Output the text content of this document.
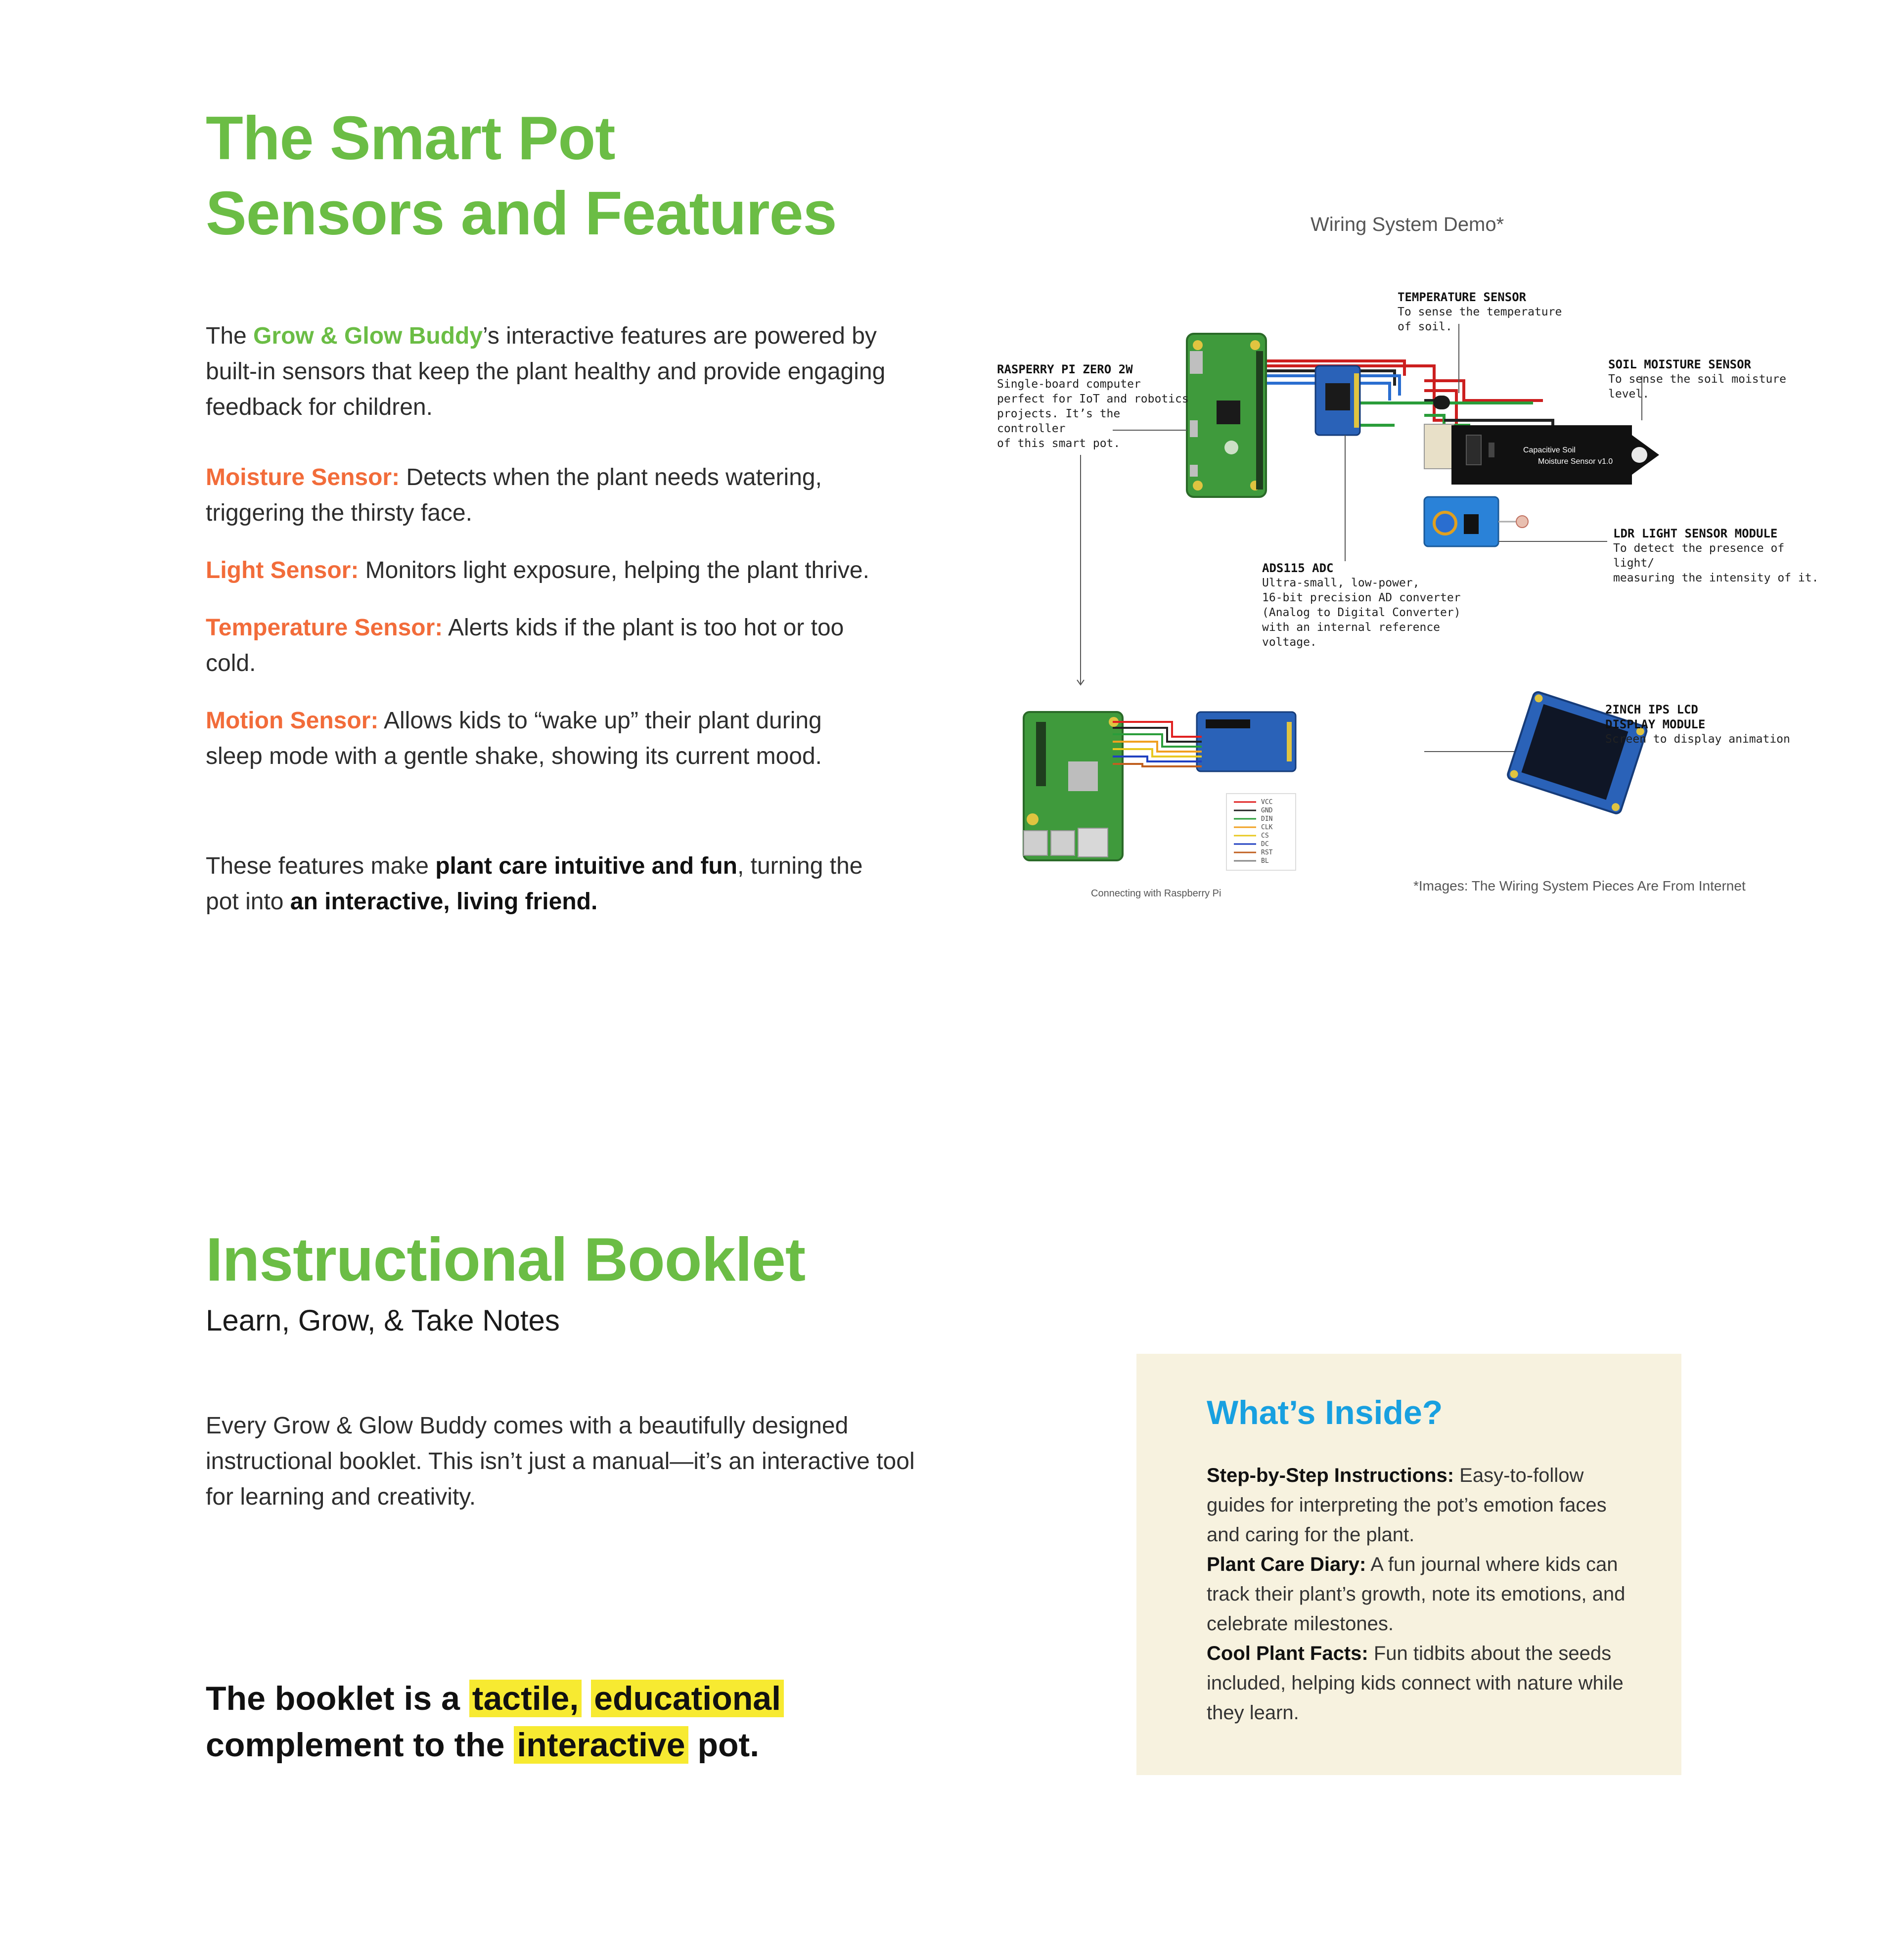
The Smart Pot
Sensors and Features
The Grow & Glow Buddy’s interactive features are powered by built-in sensors that keep the plant healthy and provide engaging feedback for children.

Moisture Sensor: Detects when the plant needs watering, triggering the thirsty face.

Light Sensor: Monitors light exposure, helping the plant thrive.

Temperature Sensor: Alerts kids if the plant is too hot or too cold.

Motion Sensor: Allows kids to “wake up” their plant during sleep mode with a gentle shake, showing its current mood.

These features make plant care intuitive and fun, turning the pot into an interactive, living friend.
Wiring System Demo*
Capacitive Soil
Moisture Sensor v1.0
VCC
GND
DIN
CLK
CS
DC
RST
BL
RASPERRY PI ZERO 2W
Single-board computer
perfect for IoT and robotics
projects. It’s the controller
of this smart pot.
TEMPERATURE SENSOR
To sense the temperature
of soil.
SOIL MOISTURE SENSOR
To sense the soil moisture
level.
LDR LIGHT SENSOR MODULE
To detect the presence of light/
measuring the intensity of it.
ADS115 ADC
Ultra-small, low-power,
16-bit precision AD converter
(Analog to Digital Converter)
with an internal reference voltage.
2INCH IPS LCD
DISPLAY MODULE
Screen to display animation
Connecting with Raspberry Pi	*Images: The Wiring System Pieces Are From Internet
Instructional Booklet
Learn, Grow, & Take Notes
Every Grow & Glow Buddy comes with a beautifully designed instructional booklet. This isn’t just a manual—it’s an interactive tool for learning and creativity.
The booklet is a tactile, educational
complement to the interactive pot.
What’s Inside?
Step-by-Step Instructions: Easy-to-follow guides for interpreting the pot’s emotion faces and caring for the plant.
Plant Care Diary: A fun journal where kids can track their plant’s growth, note its emotions, and celebrate milestones.
Cool Plant Facts: Fun tidbits about the seeds included, helping kids connect with nature while they learn.
